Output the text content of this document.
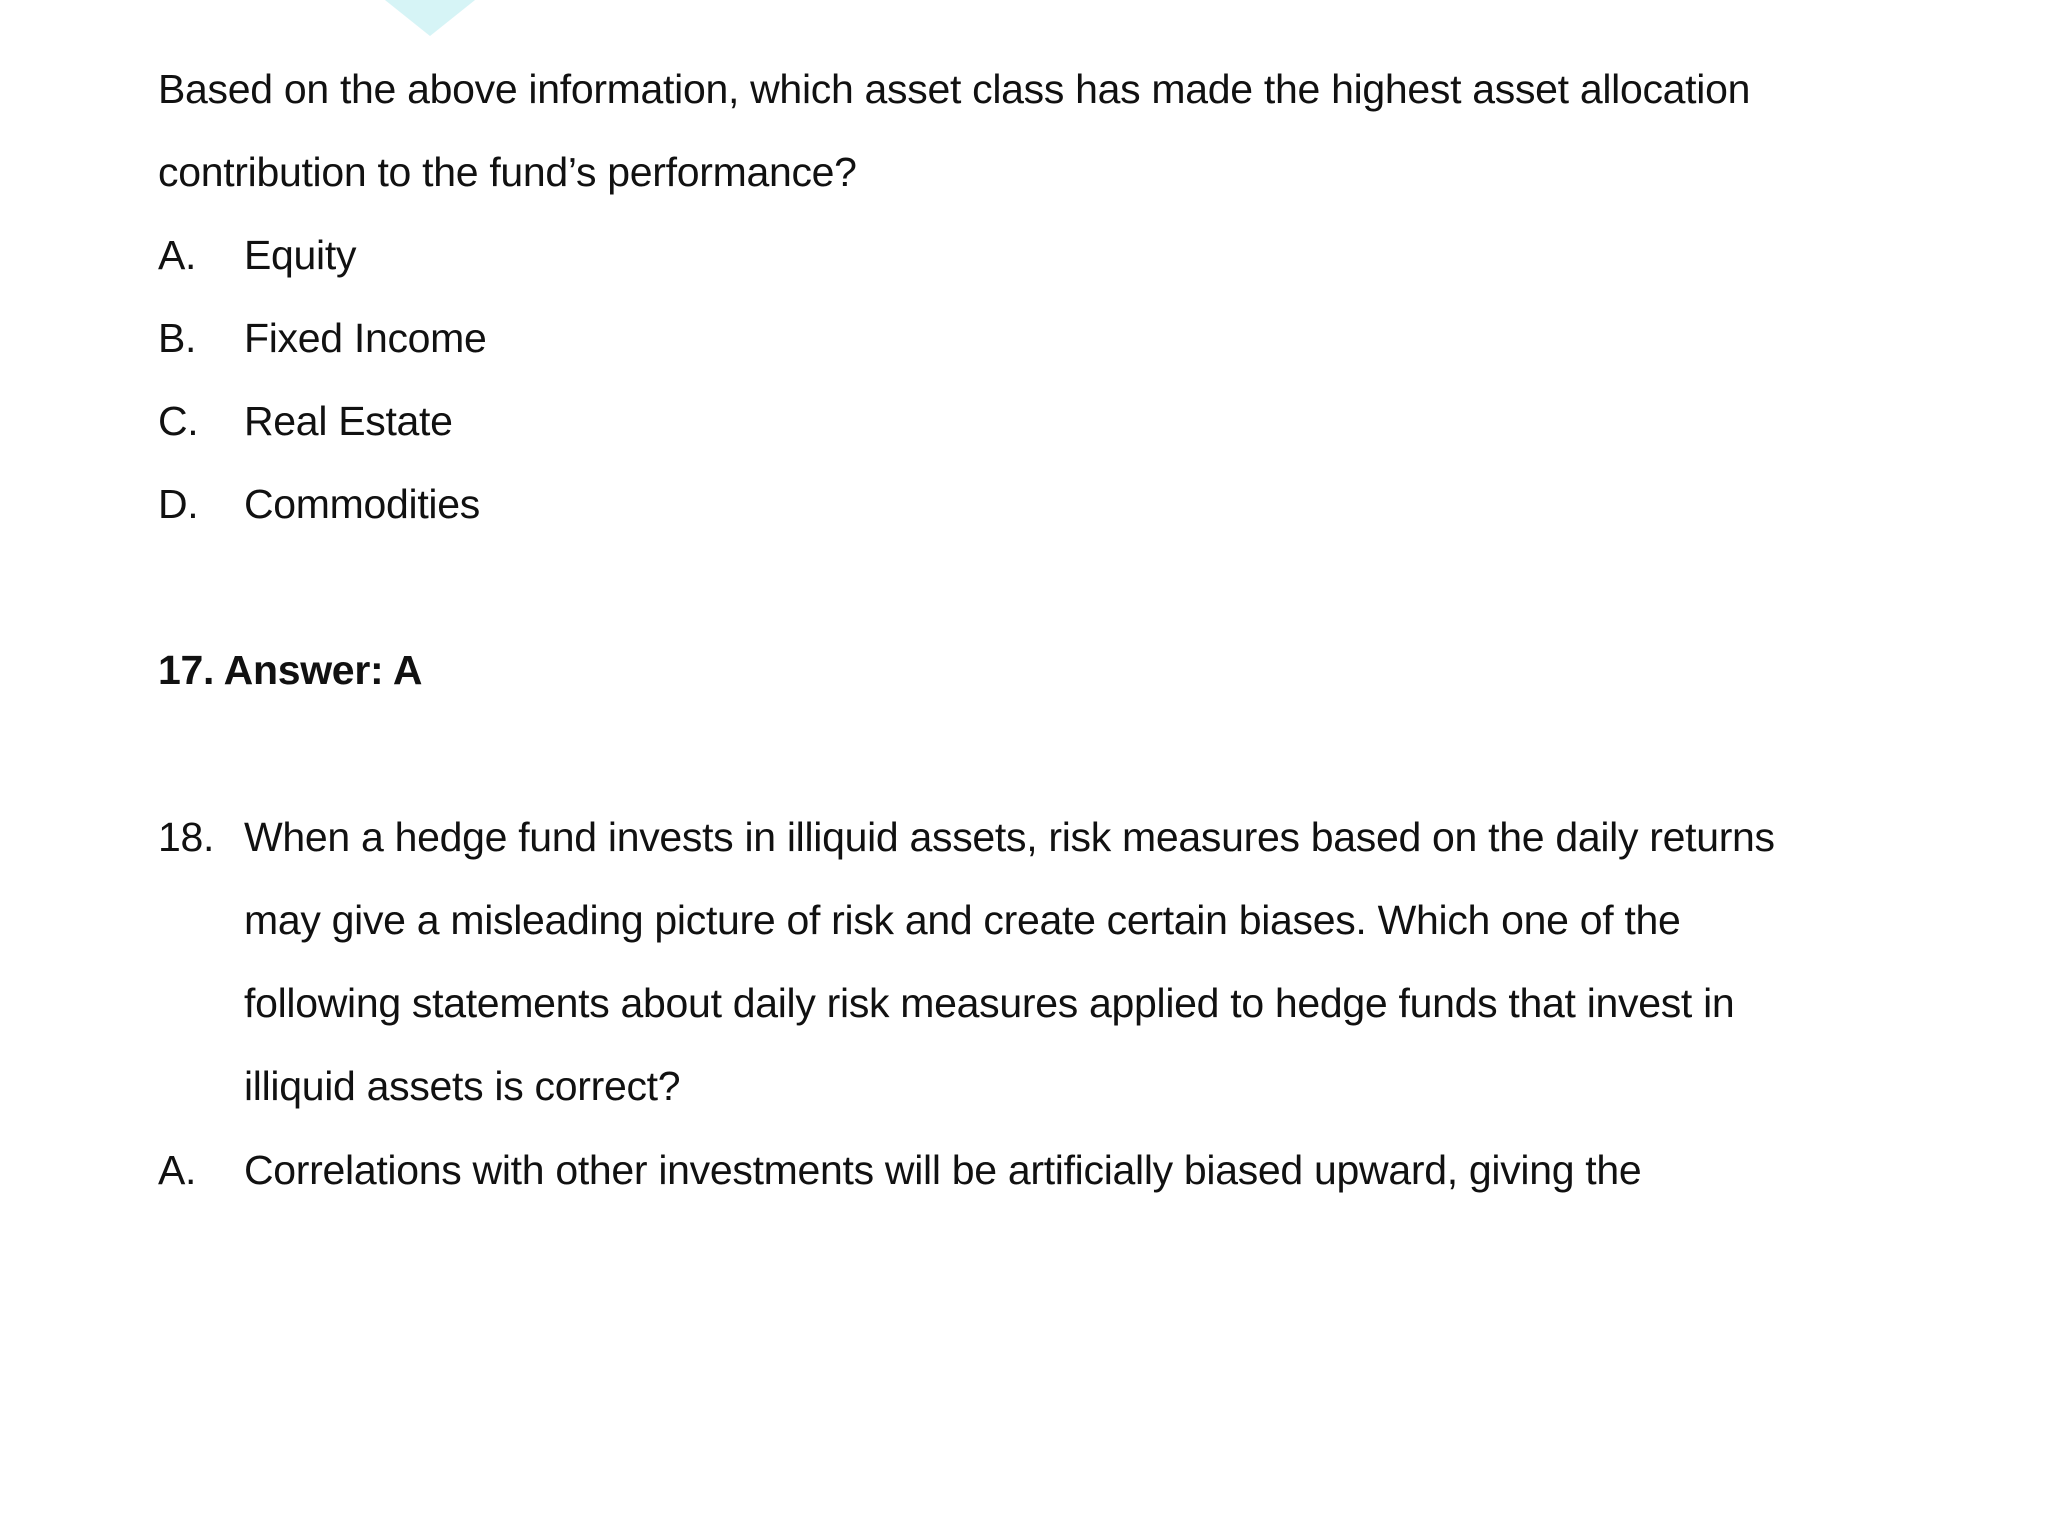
Based on the above information, which asset class has made the highest asset allocation
contribution to the fund’s performance?
A. Equity
B. Fixed Income
C. Real Estate
D. Commodities
17. Answer: A
18. When a hedge fund invests in illiquid assets, risk measures based on the daily returns
may give a misleading picture of risk and create certain biases. Which one of the
following statements about daily risk measures applied to hedge funds that invest in
illiquid assets is correct?
A. Correlations with other investments will be artificially biased upward, giving the
